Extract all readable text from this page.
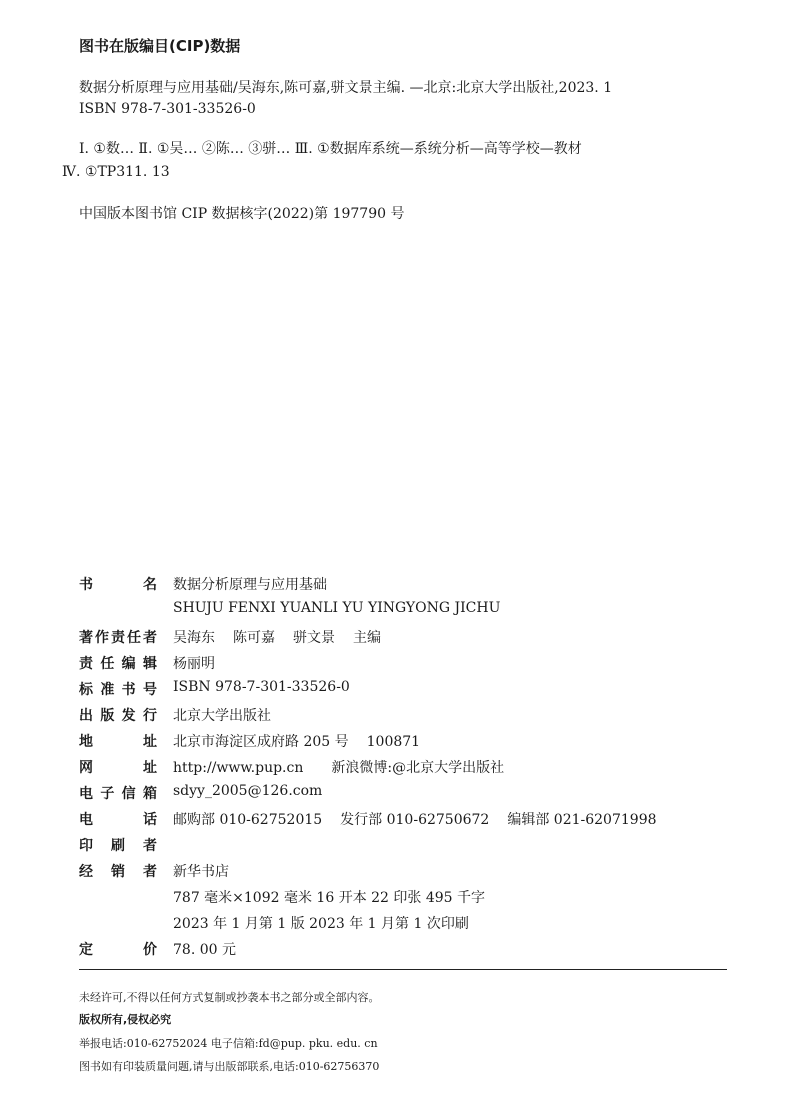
图书在版编目(CIP)数据
数据分析原理与应用基础/吴海东,陈可嘉,骈文景主编. —北京:北京大学出版社,2023. 1
ISBN 978-7-301-33526-0
Ⅰ. ①数… Ⅱ. ①吴… ②陈… ③骈… Ⅲ. ①数据库系统—系统分析—高等学校—教材
Ⅳ. ①TP311. 13
中国版本图书馆 CIP 数据核字(2022)第 197790 号
书	名 数据分析原理与应用基础
SHUJU FENXI YUANLI YU YINGYONG JICHU
著 作 责 任 者 吴海东 陈可嘉 骈文景 主编
责 任 编 辑 杨丽明
标 准 书 号 ISBN 978-7-301-33526-0
出 版 发 行 北京大学出版社
地	址 北京市海淀区成府路 205 号 100871
网	址 http://www.pup.cn 新浪微博:@北京大学出版社
电 子 信 箱 sdyy_2005@126.com
电	话 邮购部 010-62752015 发行部 010-62750672 编辑部 021-62071998
印 刷 者
经 销 者 新华书店
787 毫米×1092 毫米 16 开本 22 印张 495 千字
2023 年 1 月第 1 版 2023 年 1 月第 1 次印刷
定	价 78. 00 元
未经许可,不得以任何方式复制或抄袭本书之部分或全部内容。
版权所有,侵权必究
举报电话:010-62752024 电子信箱:fd@pup. pku. edu. cn
图书如有印装质量问题,请与出版部联系,电话:010-62756370
